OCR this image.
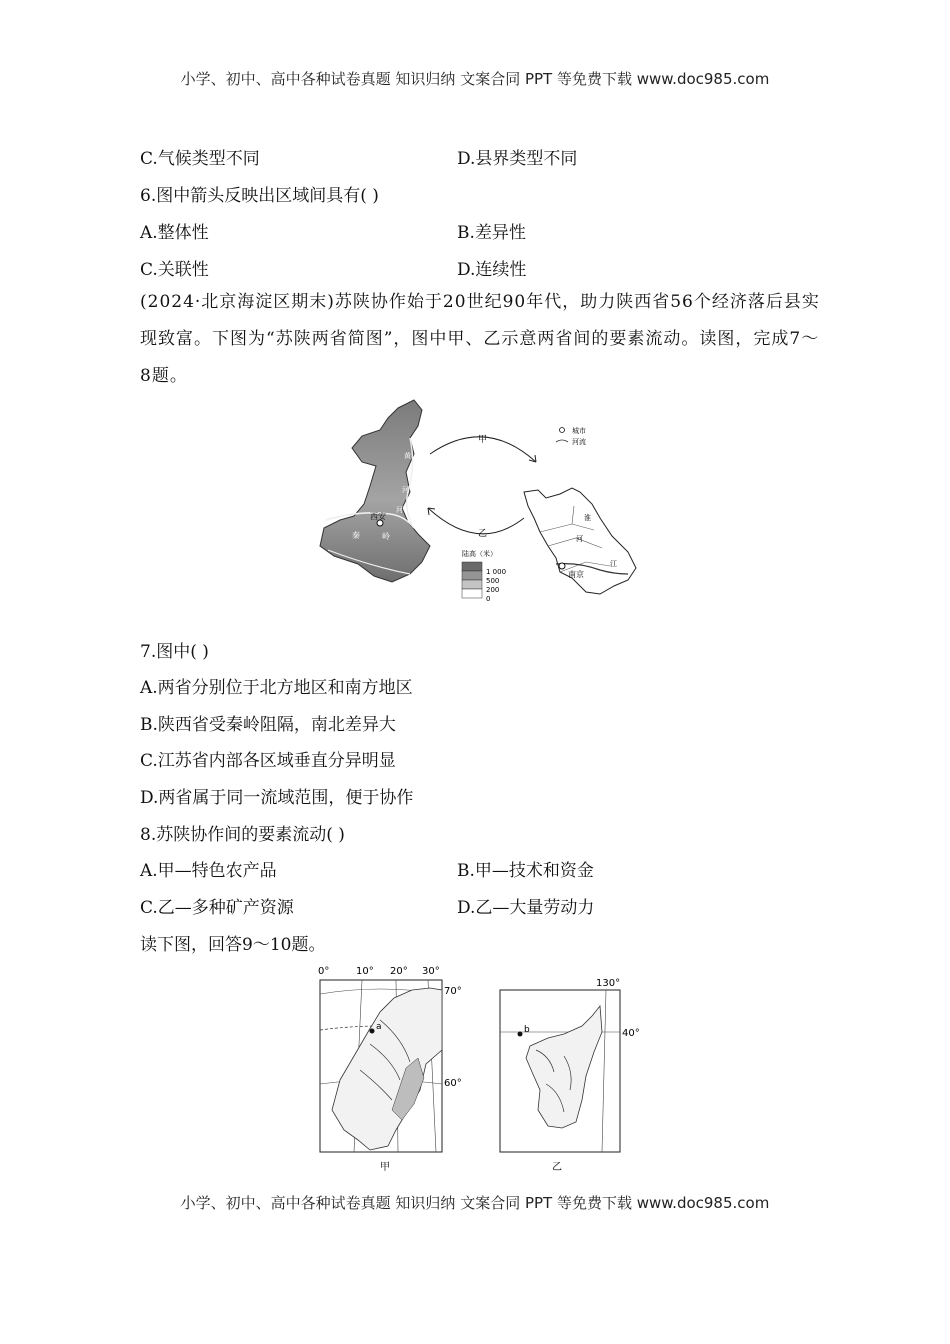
小学、初中、高中各种试卷真题 知识归纳 文案合同 PPT 等免费下载 www.doc985.com
C.气候类型不同	D.县界类型不同
6.图中箭头反映出区域间具有( )
A.整体性	B.差异性
C.关联性	D.连续性
(2024·北京海淀区期末)苏陕协作始于20世纪90年代，助力陕西省56个经济落后县实现致富。下图为“苏陕两省简图”，图中甲、乙示意两省间的要素流动。读图，完成7～8题。
西安
渭	河
秦	岭
黄
河
甲
乙
城市
河流
南京
淮
河
江
陆高（米）
1 000
500
200
0
7.图中( )
A.两省分别位于北方地区和南方地区
B.陕西省受秦岭阻隔，南北差异大
C.江苏省内部各区域垂直分异明显
D.两省属于同一流域范围，便于协作
8.苏陕协作间的要素流动( )
A.甲—特色农产品	B.甲—技术和资金
C.乙—多种矿产资源	D.乙—大量劳动力
读下图，回答9～10题。
0°	10° 20° 30°
a
70°
60°
甲
130°
b	40°
乙
小学、初中、高中各种试卷真题 知识归纳 文案合同 PPT 等免费下载 www.doc985.com
